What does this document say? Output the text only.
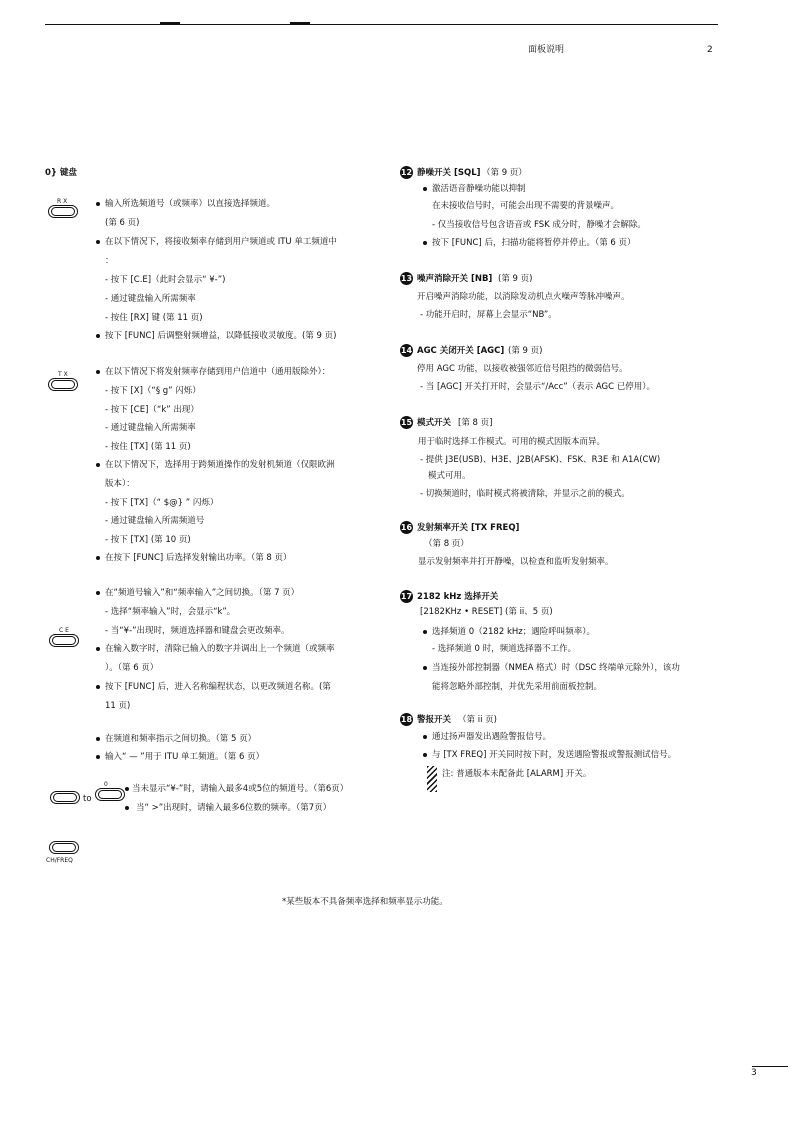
面板说明	2
0} 键盘
R X
T X
C E
to
0
CH/FREQ
输入所选频道号（或频率）以直接选择频道。
(第 6 页)
在以下情况下，将接收频率存储到用户频道或 ITU 单工频道中
：
- 按下 [C.E]（此时会显示“ ¥-”)
- 通过键盘输入所需频率
- 按住 [RX] 键 (第 11 页)
按下 [FUNC] 后调整射频增益，以降低接收灵敏度。(第 9 页)
在以下情况下将发射频率存储到用户信道中（通用版除外）：
- 按下 [X]（“§ g” 闪烁）
- 按下 [CE]（“k” 出现）
- 通过键盘输入所需频率
- 按住 [TX] (第 11 页)
在以下情况下，选择用于跨频道操作的发射机频道（仅限欧洲
版本）：
- 按下 [TX]（“ $@} ” 闪烁）
- 通过键盘输入所需频道号
- 按下 [TX] (第 10 页)
在按下 [FUNC] 后选择发射输出功率。（第 8 页）
在“频道号输入”和“频率输入”之间切换。（第 7 页）
- 选择“频率输入”时，会显示“k”。
- 当“¥-”出现时，频道选择器和键盘会更改频率。
在输入数字时，清除已输入的数字并调出上一个频道（或频率
）。（第 6 页）
按下 [FUNC] 后，进入名称编程状态，以更改频道名称。(第
11 页)
在频道和频率指示之间切换。（第 5 页）
输入“ — ”用于 ITU 单工频道。（第 6 页）
当未显示“¥-”时，请输入最多4或5位的频道号。（第6页）
当“ >”出现时，请输入最多6位数的频率。（第7页）
12 静噪开关 [SQL] （第 9 页）
激活语音静噪功能以抑制
在未接收信号时，可能会出现不需要的背景噪声。
- 仅当接收信号包含语音或 FSK 成分时，静噪才会解除。
按下 [FUNC] 后，扫描功能将暂停并停止。（第 6 页）
13 噪声消除开关 [NB] (第 9 页)
开启噪声消除功能，以消除发动机点火噪声等脉冲噪声。
- 功能开启时，屏幕上会显示“NB”。
14 AGC 关闭开关 [AGC] (第 9 页)
停用 AGC 功能，以接收被强邻近信号阻挡的微弱信号。
- 当 [AGC] 开关打开时，会显示“/Acc”（表示 AGC 已停用）。
15 模式开关 [第 8 页]
用于临时选择工作模式。可用的模式因版本而异。
- 提供 J3E(USB)、H3E、J2B(AFSK)、FSK、R3E 和 A1A(CW)
模式可用。
- 切换频道时，临时模式将被清除，并显示之前的模式。
16 发射频率开关 [TX FREQ]
（第 8 页）
显示发射频率并打开静噪，以检查和监听发射频率。
17 2182 kHz 选择开关
[2182KHz • RESET] (第 ii、5 页)
选择频道 0（2182 kHz；遇险呼叫频率）。
- 选择频道 0 时，频道选择器不工作。
当连接外部控制器（NMEA 格式）时（DSC 终端单元除外），该功
能将忽略外部控制，并优先采用前面板控制。
18 警报开关 （第 ii 页)
通过扬声器发出遇险警报信号。
与 [TX FREQ] 开关同时按下时，发送遇险警报或警报测试信号。
注: 普通版本未配备此 [ALARM] 开关。
*某些版本不具备频率选择和频率显示功能。
3
